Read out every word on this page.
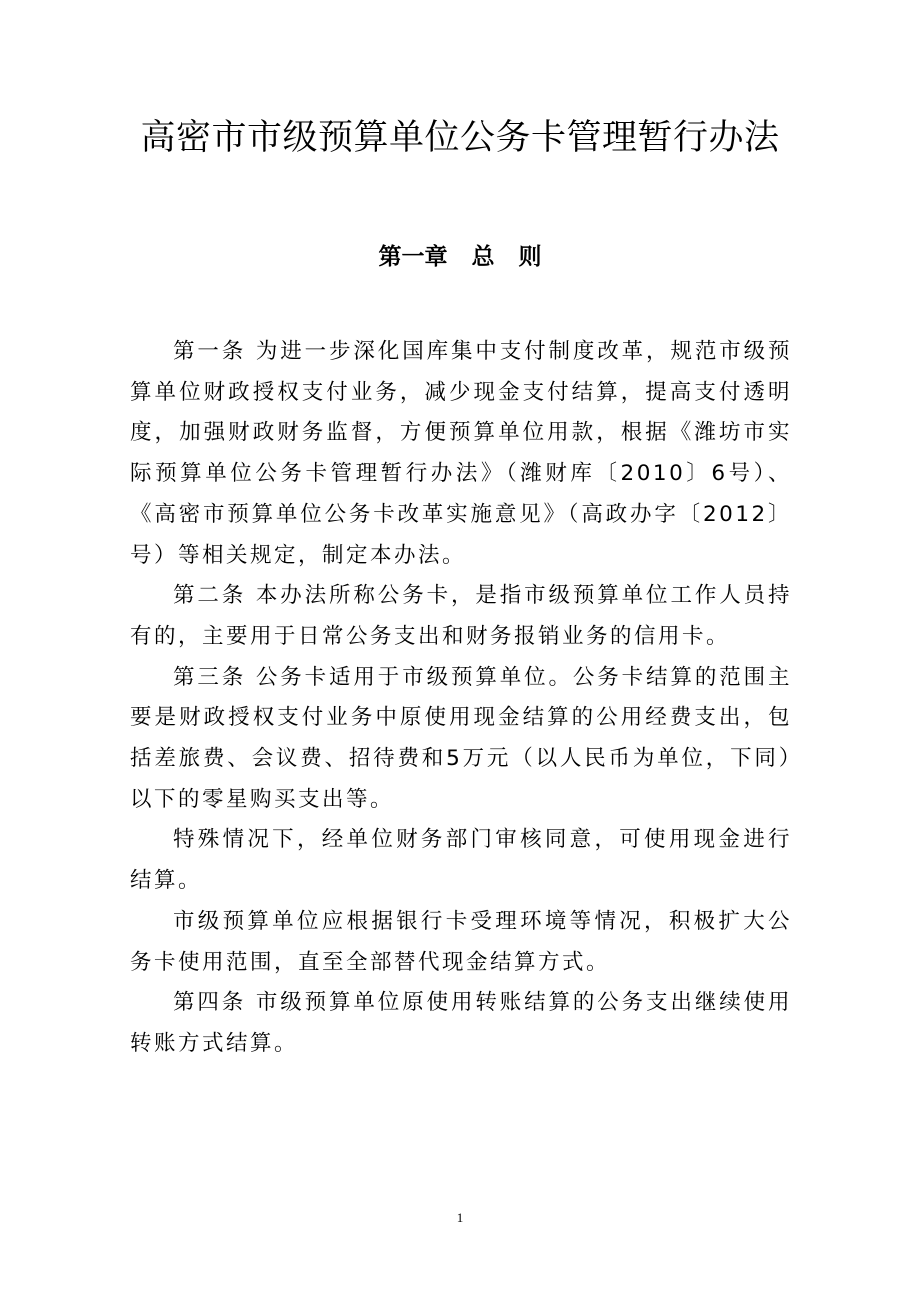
高密市市级预算单位公务卡管理暂行办法
第一章   总   则

第一条 为进一步深化国库集中支付制度改革，规范市级预算单位财政授权支付业务，减少现金支付结算，提高支付透明度，加强财政财务监督，方便预算单位用款，根据《潍坊市实际预算单位公务卡管理暂行办法》（潍财库〔2010〕6号）、《高密市预算单位公务卡改革实施意见》（高政办字〔2012〕号）等相关规定，制定本办法。

第二条 本办法所称公务卡，是指市级预算单位工作人员持有的，主要用于日常公务支出和财务报销业务的信用卡。

第三条 公务卡适用于市级预算单位。公务卡结算的范围主要是财政授权支付业务中原使用现金结算的公用经费支出，包括差旅费、会议费、招待费和5万元（以人民币为单位，下同）以下的零星购买支出等。

特殊情况下，经单位财务部门审核同意，可使用现金进行结算。

市级预算单位应根据银行卡受理环境等情况，积极扩大公务卡使用范围，直至全部替代现金结算方式。

第四条 市级预算单位原使用转账结算的公务支出继续使用转账方式结算。

1
